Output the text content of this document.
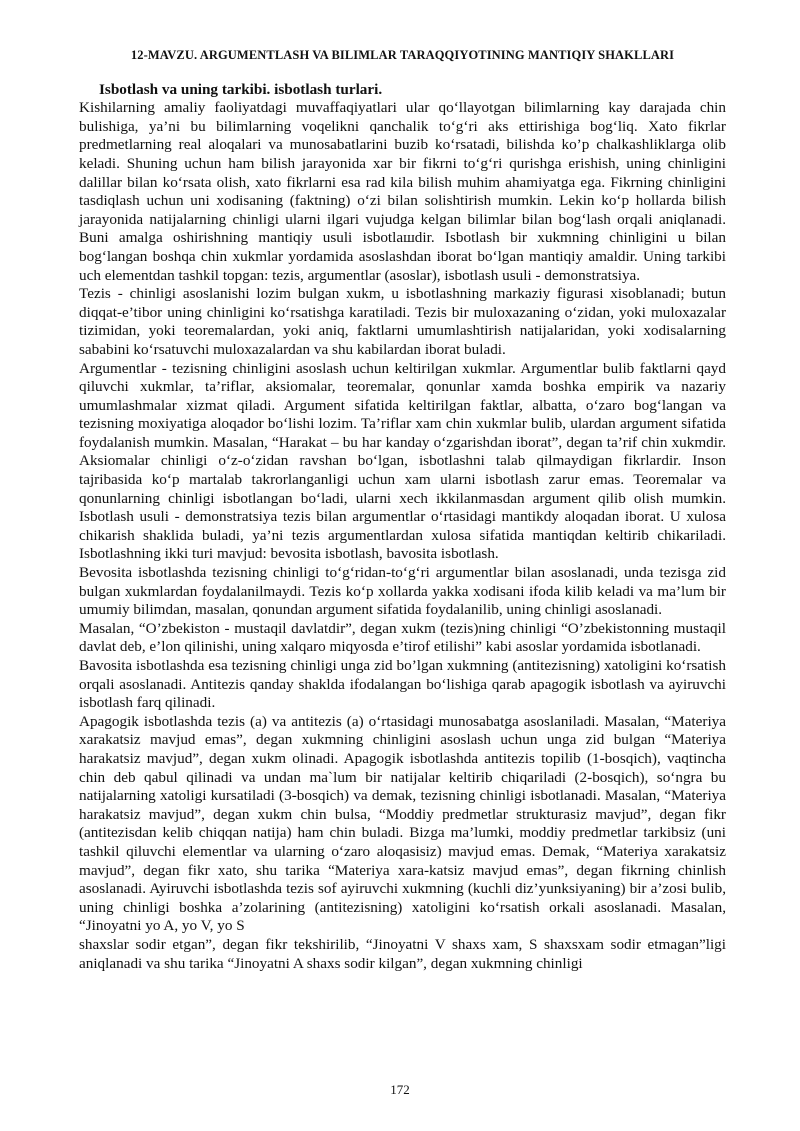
12-MAVZU. ARGUMENTLASH VA BILIMLAR TARAQQIYOTINING MANTIQIY SHAKLLARI

Isbotlash va uning tarkibi. isbotlash turlari.

Kishilarning amaliy faoliyatdagi muvaffaqiyatlari ular qo‘llayotgan bilimlarning kay darajada chin bulishiga, ya’ni bu bilimlarning voqelikni qanchalik to‘g‘ri aks ettirishiga bog‘liq. Xato fikrlar predmetlarning real aloqalari va munosabatlarini buzib ko‘rsatadi, bilishda ko’p chalkashliklarga olib keladi. Shuning uchun ham bilish jarayonida xar bir fikrni to‘g‘ri qurishga erishish, uning chinligini dalillar bilan ko‘rsata olish, xato fikrlarni esa rad kila bilish muhim ahamiyatga ega. Fikrning chinligini tasdiqlash uchun uni xodisaning (faktning) o‘zi bilan solishtirish mumkin. Lekin ko‘p hollarda bilish jarayonida natijalarning chinligi ularni ilgari vujudga kelgan bilimlar bilan bog‘lash orqali aniqlanadi. Buni amalga oshirishning mantiqiy usuli isbotlaшdir. Isbotlash bir xukmning chinligini u bilan bog‘langan boshqa chin xukmlar yordamida asoslashdan iborat bo‘lgan mantiqiy amaldir. Uning tarkibi uch elementdan tashkil topgan: tezis, argumentlar (asoslar), isbotlash usuli - demonstratsiya.

Tezis - chinligi asoslanishi lozim bulgan xukm, u isbotlashning markaziy figurasi xisoblanadi; butun diqqat-e’tibor uning chinligini ko‘rsatishga karatiladi. Tezis bir muloxazaning o‘zidan, yoki muloxazalar tizimidan, yoki teoremalardan, yoki aniq, faktlarni umumlashtirish natijalaridan, yoki xodisalarning sababini ko‘rsatuvchi muloxazalardan va shu kabilardan iborat buladi.

Argumentlar - tezisning chinligini asoslash uchun keltirilgan xukmlar. Argumentlar bulib faktlarni qayd qiluvchi xukmlar, ta’riflar, aksiomalar, teoremalar, qonunlar xamda boshka empirik va nazariy umumlashmalar xizmat qiladi. Argument sifatida keltirilgan faktlar, albatta, o‘zaro bog‘langan va tezisning moxiyatiga aloqador bo‘lishi lozim. Ta’riflar xam chin xukmlar bulib, ulardan argument sifatida foydalanish mumkin. Masalan, “Harakat – bu har kanday o‘zgarishdan iborat”, degan ta’rif chin xukmdir. Aksiomalar chinligi o‘z-o‘zidan ravshan bo‘lgan, isbotlashni talab qilmaydigan fikrlardir. Inson tajribasida ko‘p martalab takrorlanganligi uchun xam ularni isbotlash zarur emas. Teoremalar va qonunlarning chinligi isbotlangan bo‘ladi, ularni xech ikkilanmasdan argument qilib olish mumkin. Isbotlash usuli - demonstratsiya tezis bilan argumentlar o‘rtasidagi mantikdy aloqadan iborat. U xulosa chikarish shaklida buladi, ya’ni tezis argumentlardan xulosa sifatida mantiqdan keltirib chikariladi. Isbotlashning ikki turi mavjud: bevosita isbotlash, bavosita isbotlash.

Bevosita isbotlashda tezisning chinligi to‘g‘ridan-to‘g‘ri argumentlar bilan asoslanadi, unda tezisga zid bulgan xukmlardan foydalanilmaydi. Tezis ko‘p xollarda yakka xodisani ifoda kilib keladi va ma’lum bir umumiy bilimdan, masalan, qonundan argument sifatida foydalanilib, uning chinligi asoslanadi.

Masalan, “O’zbekiston - mustaqil davlatdir”, degan xukm (tezis)ning chinligi “O’zbekistonning mustaqil davlat deb, e’lon qilinishi, uning xalqaro miqyosda e’tirof etilishi” kabi asoslar yordamida isbotlanadi.

Bavosita isbotlashda esa tezisning chinligi unga zid bo’lgan xukmning (antitezisning) xatoligini ko‘rsatish orqali asoslanadi. Antitezis qanday shaklda ifodalangan bo‘lishiga qarab apagogik isbotlash va ayiruvchi isbotlash farq qilinadi.

Apagogik isbotlashda tezis (a) va antitezis (a) o‘rtasidagi munosabatga asoslaniladi. Masalan, “Materiya xarakatsiz mavjud emas”, degan xukmning chinligini asoslash uchun unga zid bulgan “Materiya harakatsiz mavjud”, degan xukm olinadi. Apagogik isbotlashda antitezis topilib (1-bosqich), vaqtincha chin deb qabul qilinadi va undan ma`lum bir natijalar keltirib chiqariladi (2-bosqich), so‘ngra bu natijalarning xatoligi kursatiladi (3-bosqich) va demak, tezisning chinligi isbotlanadi. Masalan, “Materiya harakatsiz mavjud”, degan xukm chin bulsa, “Moddiy predmetlar strukturasiz mavjud”, degan fikr (antitezisdan kelib chiqqan natija) ham chin buladi. Bizga ma’lumki, moddiy predmetlar tarkibsiz (uni tashkil qiluvchi elementlar va ularning o‘zaro aloqasisiz) mavjud emas. Demak, “Materiya xarakatsiz mavjud”, degan fikr xato, shu tarika “Materiya xara-katsiz mavjud emas”, degan fikrning chinlish asoslanadi. Ayiruvchi isbotlashda tezis sof ayiruvchi xukmning (kuchli diz’yunksiyaning) bir a’zosi bulib, uning chinligi boshka a’zolarining (antitezisning) xatoligini ko‘rsatish orkali asoslanadi. Masalan, “Jinoyatni yo A, yo V, yo S

shaxslar sodir etgan”, degan fikr tekshirilib, “Jinoyatni V shaxs xam, S shaxsxam sodir etmagan”ligi aniqlanadi va shu tarika “Jinoyatni A shaxs sodir kilgan”, degan xukmning chinligi

172
